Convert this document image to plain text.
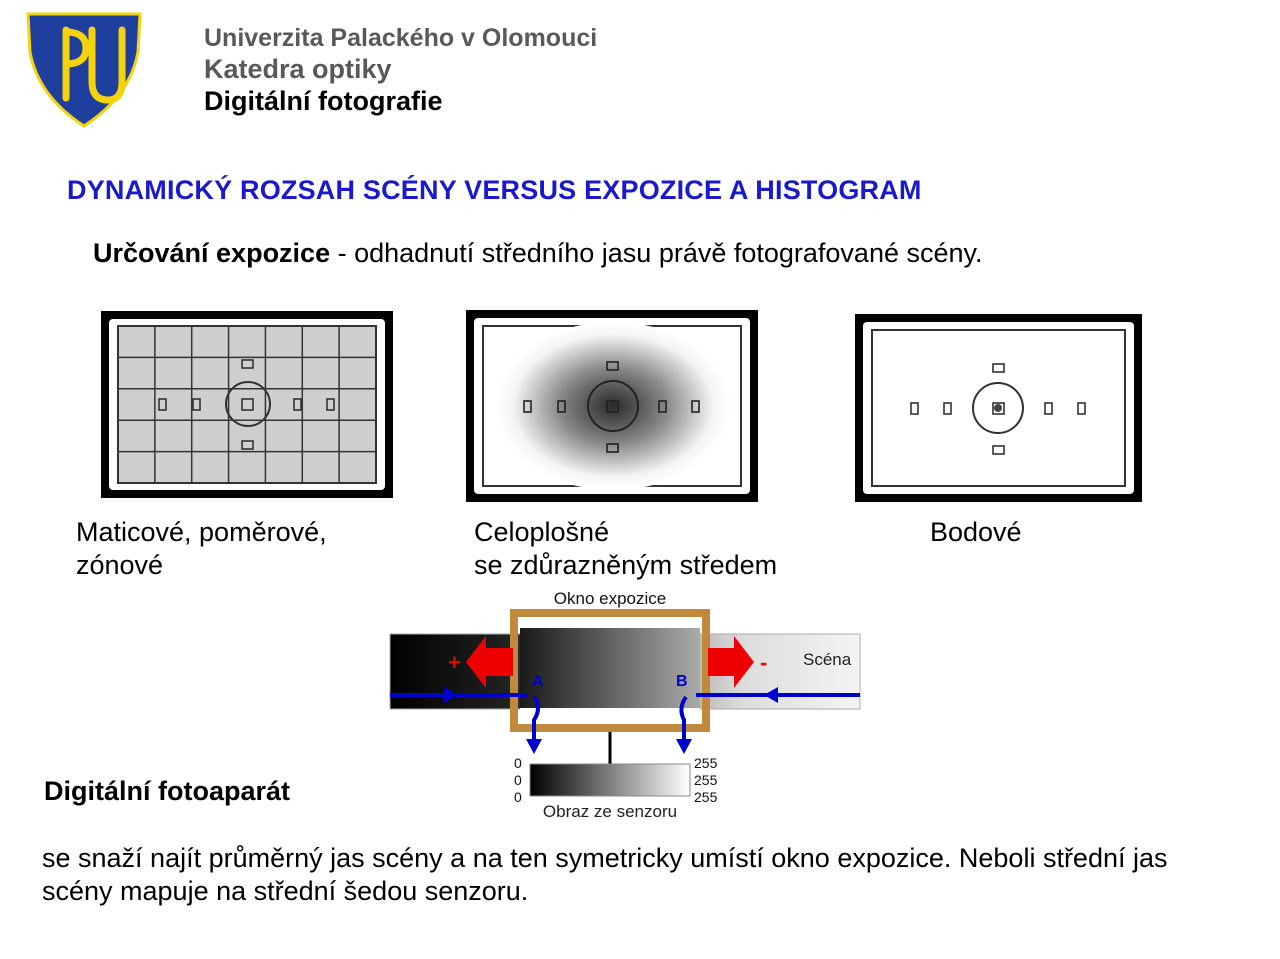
Univerzita Palackého v Olomouci
Katedra optiky
Digitální fotografie
DYNAMICKÝ ROZSAH SCÉNY VERSUS EXPOZICE A HISTOGRAM
Určování expozice - odhadnutí středního jasu právě fotografované scény.
Maticové, poměrové,
zónové
Celoplošné
se zdůrazněným středem
Bodové
Scéna
Okno expozice
+	-
A	B
0
0
0
255
255
255
Obraz ze senzoru
Digitální fotoaparát
se snaží najít průměrný jas scény a na ten symetricky umístí okno expozice. Neboli střední jas scény mapuje na střední šedou senzoru.
